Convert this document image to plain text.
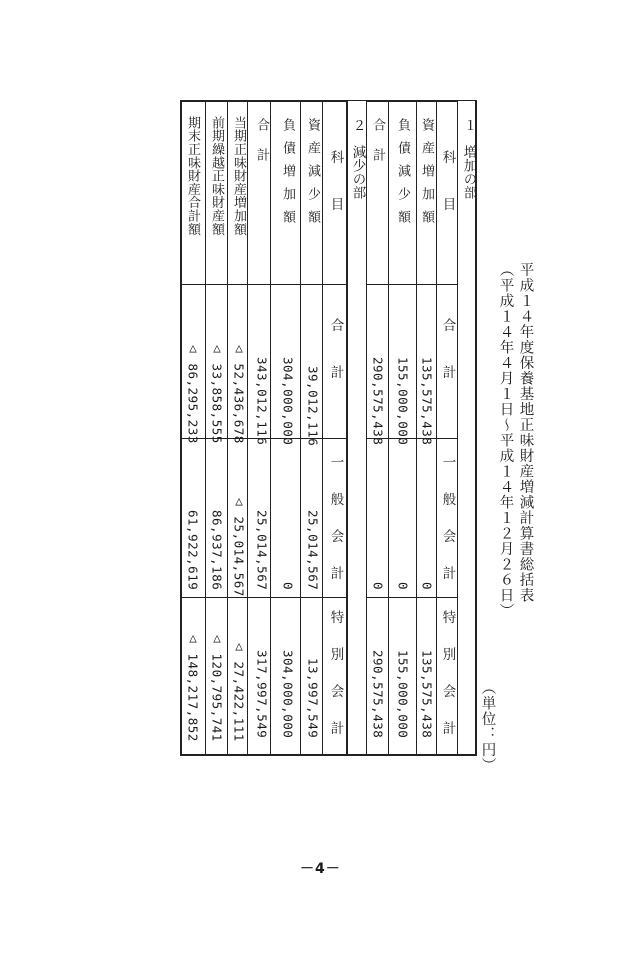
平成１４年度保養基地正味財産増減計算書総括表
（平成１４年４月１日～平成１４年１２月２６日）
（単位：円）
１　増加の部
科　目
合　計
一　般　会　計
特　別　会　計
資産増加額
135,575,438
0
135,575,438
負債減少額
155,000,000
0
155,000,000
合　計
290,575,438
0
290,575,438
２　減少の部
科　目
合　計
一　般　会　計
特　別　会　計
資産減少額
39,012,116
25,014,567
13,997,549
負債増加額
304,000,000
0
304,000,000
合　計
343,012,116
25,014,567
317,997,549
当期正味財産増加額
△ 52,436,678
△ 25,014,567
△ 27,422,111
前期繰越正味財産額
△ 33,858,555
86,937,186
△ 120,795,741
期末正味財産合計額
△ 86,295,233
61,922,619
△ 148,217,852
－4－
